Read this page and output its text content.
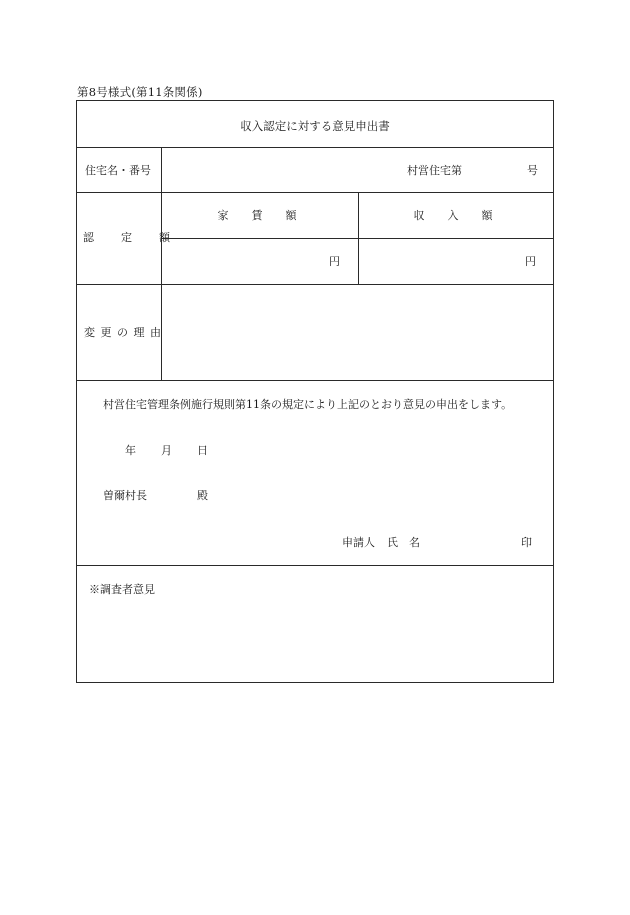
第8号様式(第11条関係)
収入認定に対する意見申出書
住宅名・番号	村営住宅第	号
認　定　額
家　賃　額	収　入　額
円	円
変 更 の 理 由
村営住宅管理条例施行規則第11条の規定により上記のとおり意見の申出をします。
年 月 日
曽爾村長	殿
申請人 氏　名	印
※調査者意見
